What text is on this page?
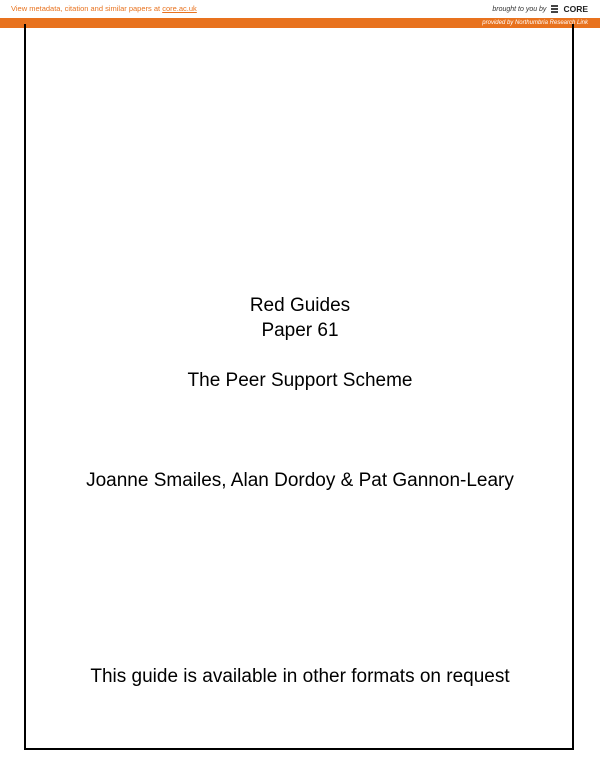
View metadata, citation and similar papers at core.ac.uk	brought to you by CORE
provided by Northumbria Research Link
Red Guides
Paper 61
The Peer Support Scheme
Joanne Smailes, Alan Dordoy & Pat Gannon-Leary
This guide is available in other formats on request
